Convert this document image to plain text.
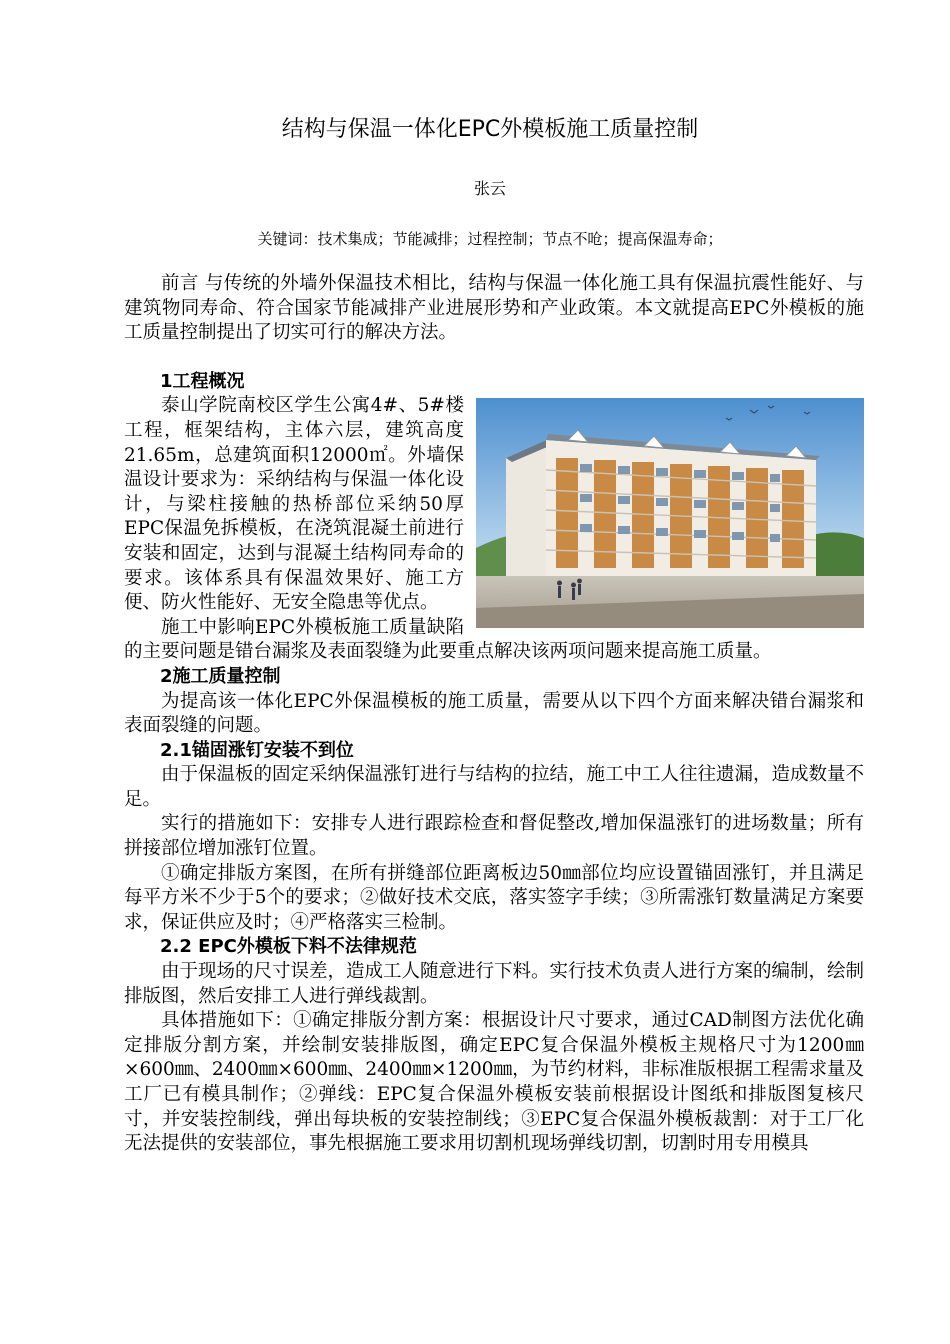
结构与保温一体化EPC外模板施工质量控制
张云
关键词：技术集成；节能减排；过程控制；节点不呛；提高保温寿命；

前言 与传统的外墙外保温技术相比，结构与保温一体化施工具有保温抗震性能好、与建筑物同寿命、符合国家节能减排产业进展形势和产业政策。本文就提高EPC外模板的施工质量控制提出了切实可行的解决方法。

1工程概况

泰山学院南校区学生公寓4#、5#楼工程，框架结构，主体六层，建筑高度21.65m，总建筑面积12000㎡。外墙保温设计要求为：采纳结构与保温一体化设计，与梁柱接触的热桥部位采纳50厚EPC保温免拆模板，在浇筑混凝土前进行安装和固定，达到与混凝土结构同寿命的要求。该体系具有保温效果好、施工方便、防火性能好、无安全隐患等优点。

施工中影响EPC外模板施工质量缺陷的主要问题是错台漏浆及表面裂缝为此要重点解决该两项问题来提高施工质量。

2施工质量控制

为提高该一体化EPC外保温模板的施工质量，需要从以下四个方面来解决错台漏浆和表面裂缝的问题。

2.1锚固涨钉安装不到位

由于保温板的固定采纳保温涨钉进行与结构的拉结，施工中工人往往遗漏，造成数量不足。

实行的措施如下：安排专人进行跟踪检查和督促整改,增加保温涨钉的进场数量；所有拼接部位增加涨钉位置。

①确定排版方案图，在所有拼缝部位距离板边50㎜部位均应设置锚固涨钉，并且满足每平方米不少于5个的要求；②做好技术交底，落实签字手续；③所需涨钉数量满足方案要求，保证供应及时；④严格落实三检制。

2.2 EPC外模板下料不法律规范

由于现场的尺寸误差，造成工人随意进行下料。实行技术负责人进行方案的编制，绘制排版图，然后安排工人进行弹线裁割。

具体措施如下：①确定排版分割方案：根据设计尺寸要求，通过CAD制图方法优化确定排版分割方案，并绘制安装排版图，确定EPC复合保温外模板主规格尺寸为1200㎜×600㎜、2400㎜×600㎜、2400㎜×1200㎜，为节约材料，非标准版根据工程需求量及工厂已有模具制作；②弹线：EPC复合保温外模板安装前根据设计图纸和排版图复核尺寸，并安装控制线，弹出每块板的安装控制线；③EPC复合保温外模板裁割：对于工厂化无法提供的安装部位，事先根据施工要求用切割机现场弹线切割，切割时用专用模具
